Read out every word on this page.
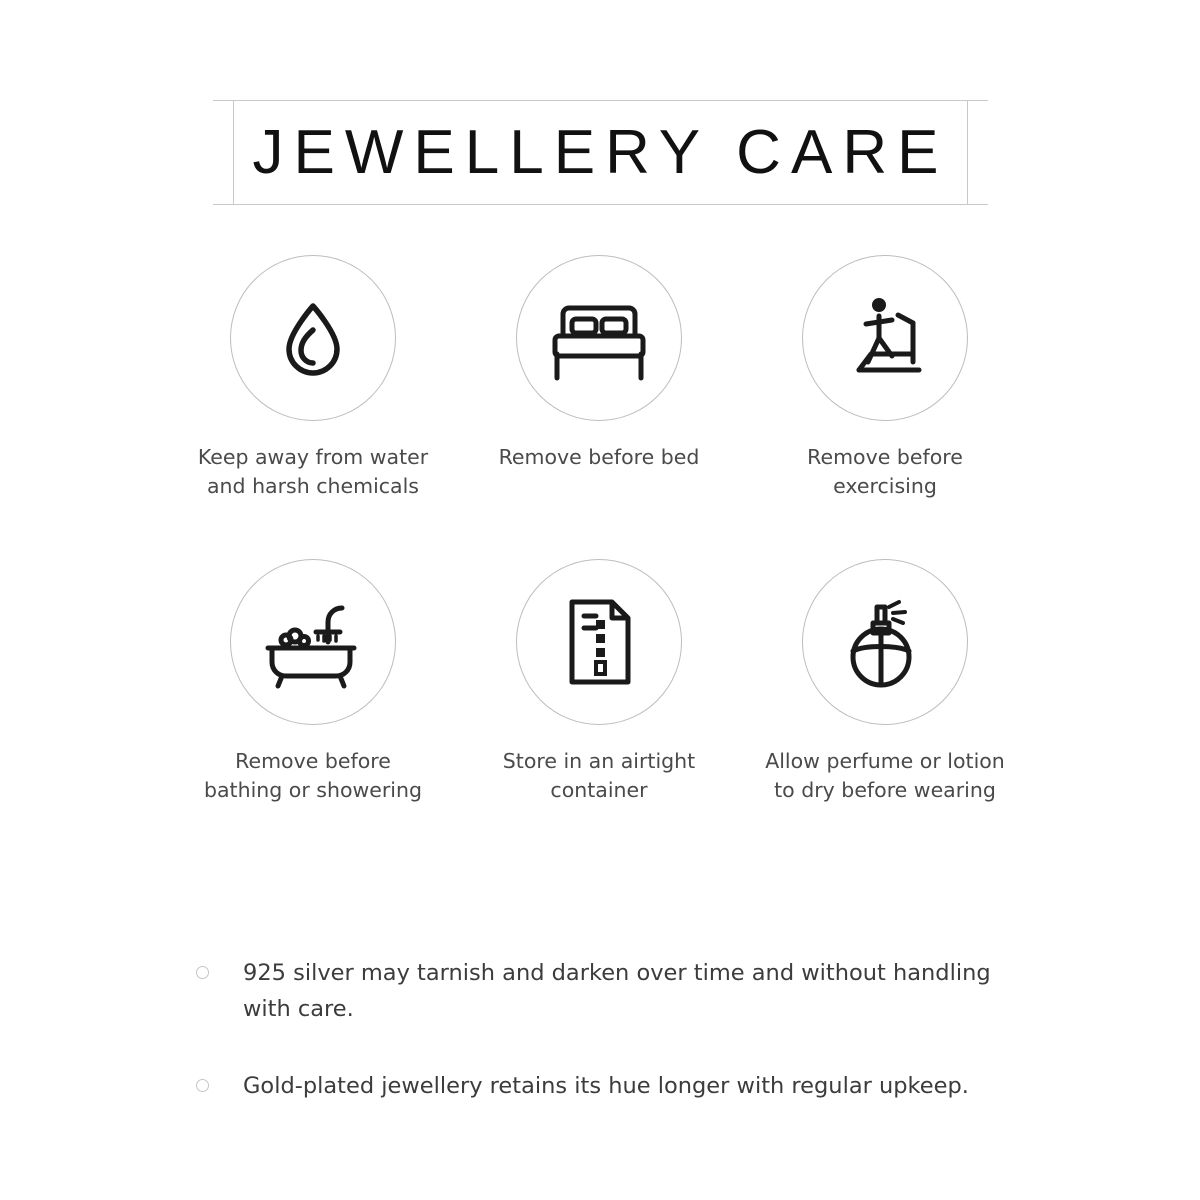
JEWELLERY CARE
Keep away from water and harsh chemicals
Remove before bed	Remove before exercising
Remove before bathing or showering
Store in an airtight container
Allow perfume or lotion to dry before wearing
925 silver may tarnish and darken over time and without handling with care.
Gold-plated jewellery retains its hue longer with regular upkeep.
